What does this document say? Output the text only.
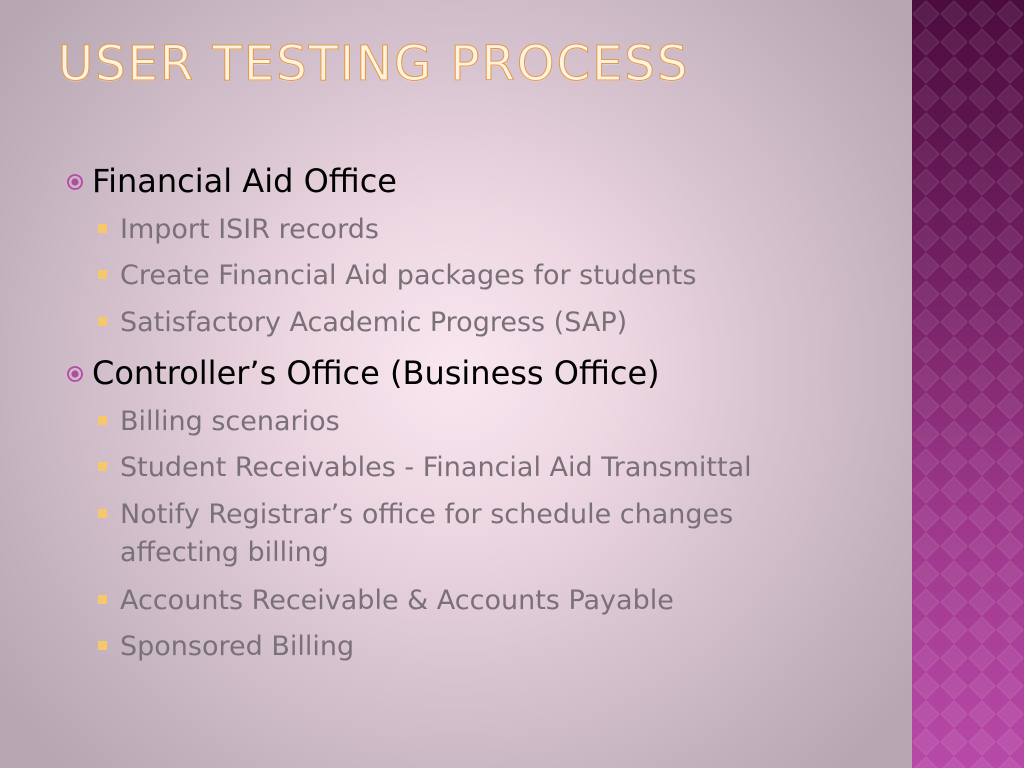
USER TESTING PROCESS
Financial Aid Office
Import ISIR records
Create Financial Aid packages for students
Satisfactory Academic Progress (SAP)
Controller’s Office (Business Office)
Billing scenarios
Student Receivables - Financial Aid Transmittal
Notify Registrar’s office for schedule changes affecting billing
Accounts Receivable & Accounts Payable
Sponsored Billing
